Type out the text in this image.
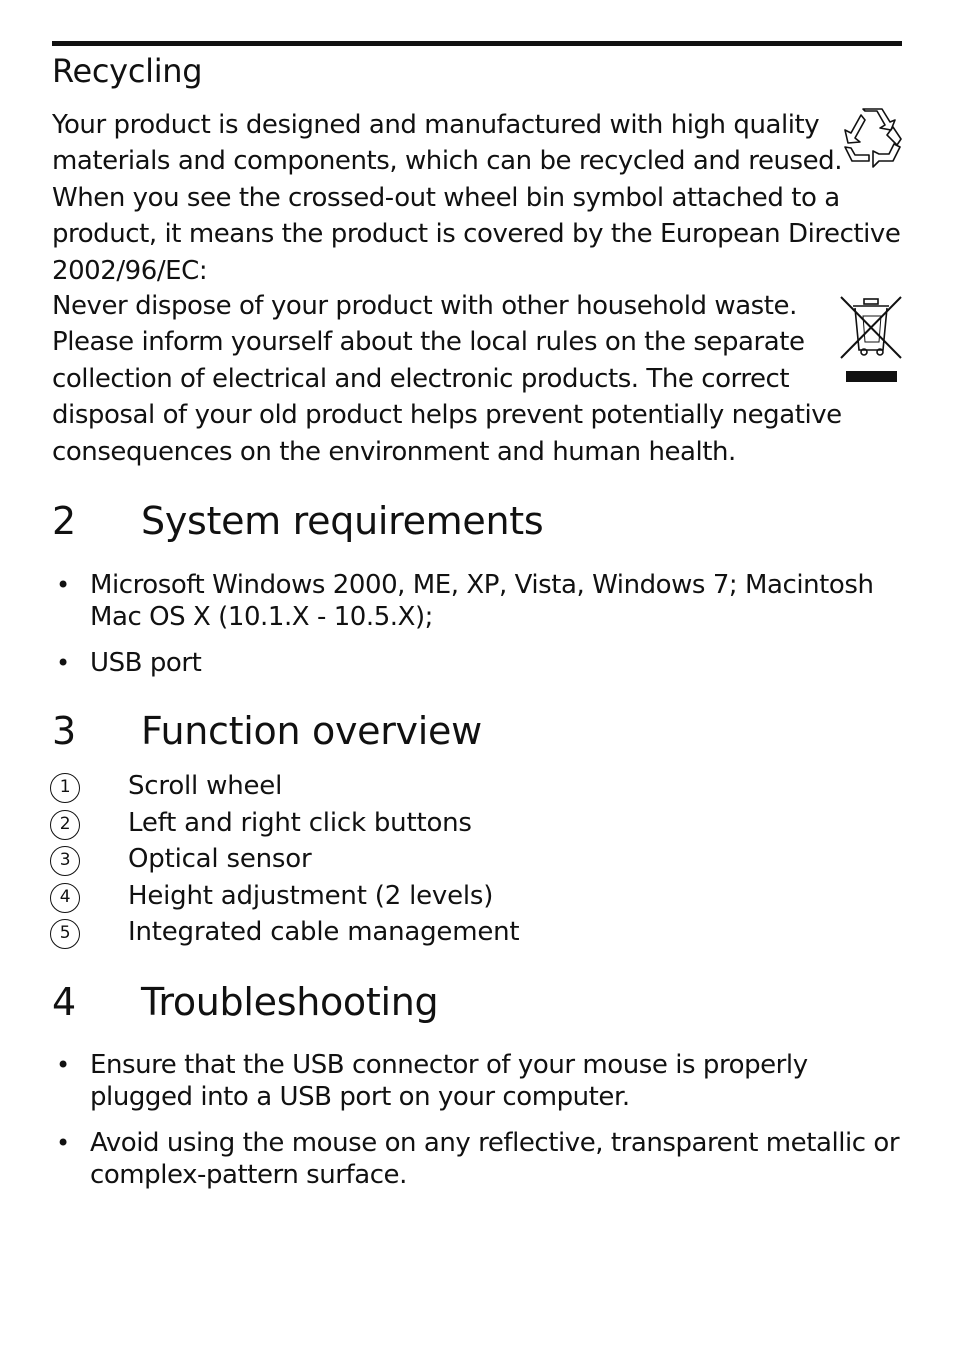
Recycling
Your product is designed and manufactured with high quality
materials and components, which can be recycled and reused.
When you see the crossed-out wheel bin symbol attached to a
product, it means the product is covered by the European Directive
2002/96/EC:
Never dispose of your product with other household waste.
Please inform yourself about the local rules on the separate
collection of electrical and electronic products. The correct
disposal of your old product helps prevent potentially negative
consequences on the environment and human health.
2 System requirements
• Microsoft Windows 2000, ME, XP, Vista, Windows 7; Macintosh
Mac OS X (10.1.X - 10.5.X);
• USB port
3 Function overview
1	Scroll wheel
2	Left and right click buttons
3	Optical sensor
4	Height adjustment (2 levels)
5	Integrated cable management
4 Troubleshooting
• Ensure that the USB connector of your mouse is properly
plugged into a USB port on your computer.
• Avoid using the mouse on any reflective, transparent metallic or
complex-pattern surface.
